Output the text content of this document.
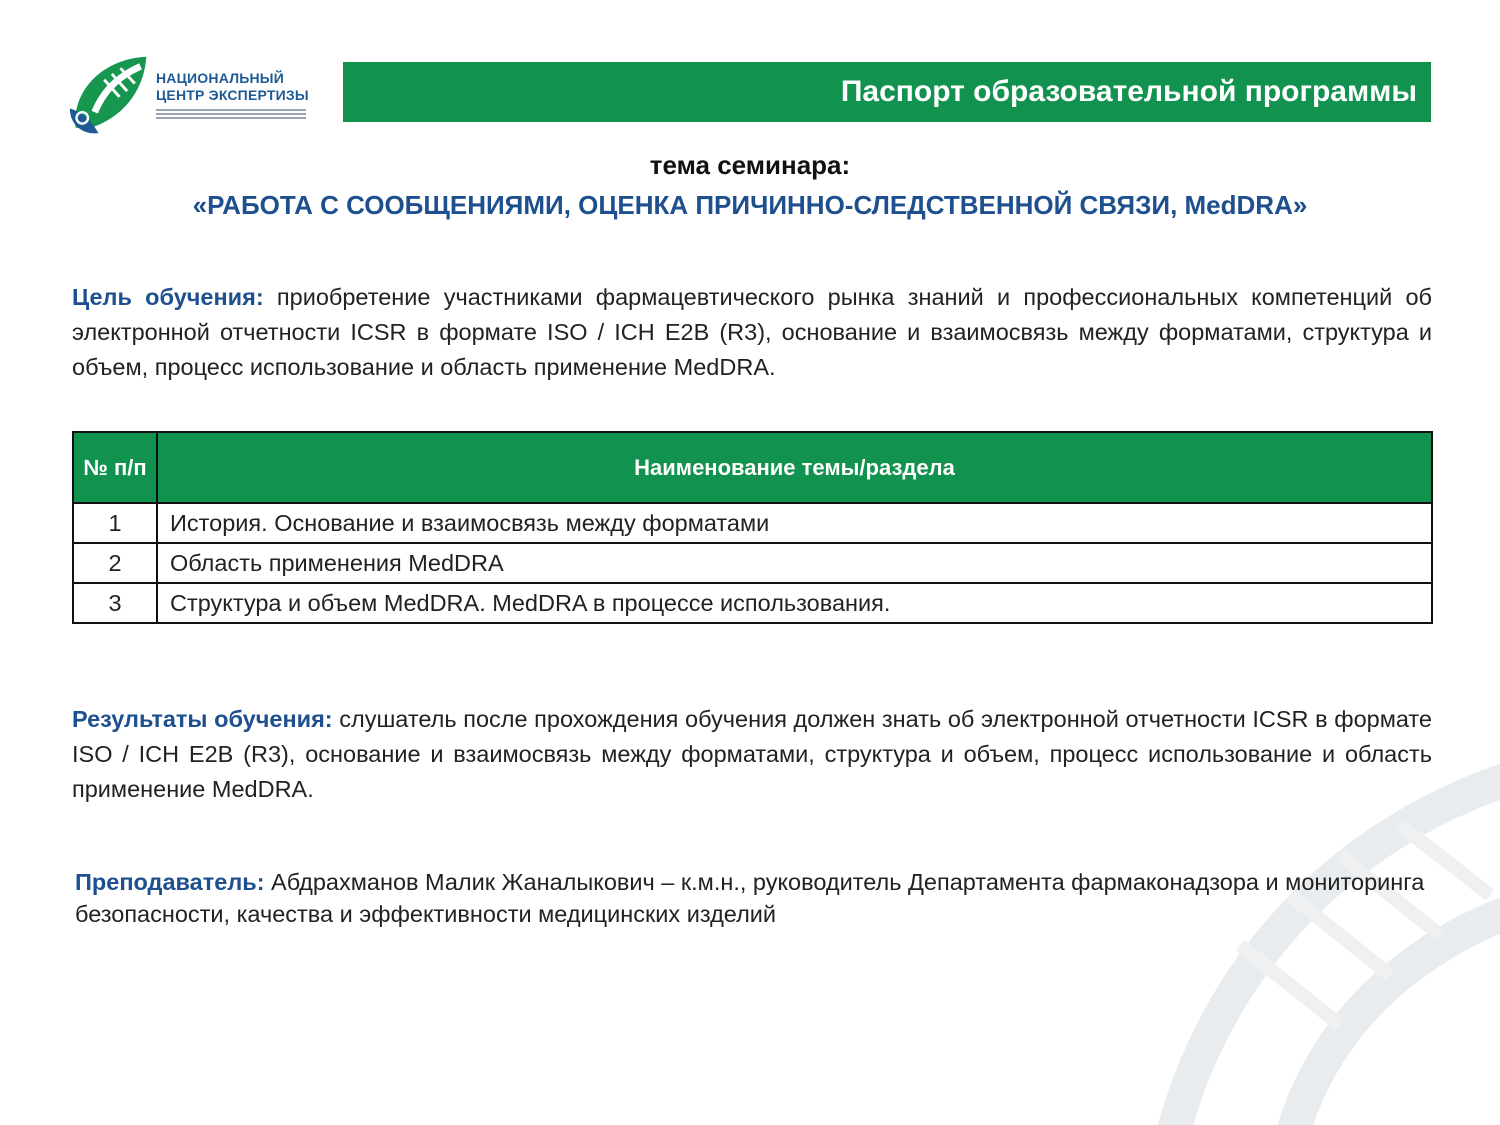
НАЦИОНАЛЬНЫЙ
ЦЕНТР ЭКСПЕРТИЗЫ	Паспорт образовательной программы
тема семинара:
«РАБОТА С СООБЩЕНИЯМИ, ОЦЕНКА ПРИЧИННО-СЛЕДСТВЕННОЙ СВЯЗИ, MedDRA»

Цель обучения: приобретение участниками фармацевтического рынка знаний и профессиональных компетенций об электронной отчетности ICSR в формате ISO / ICH E2B (R3), основание и взаимосвязь между форматами, структура и объем, процесс использование и область применение MedDRA.

№ п/п	Наименование темы/раздела
1	История. Основание и взаимосвязь между форматами
2	Область применения MedDRA
3	Структура и объем MedDRA. MedDRA в процессе использования.

Результаты обучения: слушатель после прохождения обучения должен знать об электронной отчетности ICSR в формате ISO / ICH E2B (R3), основание и взаимосвязь между форматами, структура и объем, процесс использование и область применение MedDRA.

Преподаватель: Абдрахманов Малик Жаналыкович – к.м.н., руководитель Департамента фармаконадзора и мониторинга безопасности, качества и эффективности медицинских изделий
